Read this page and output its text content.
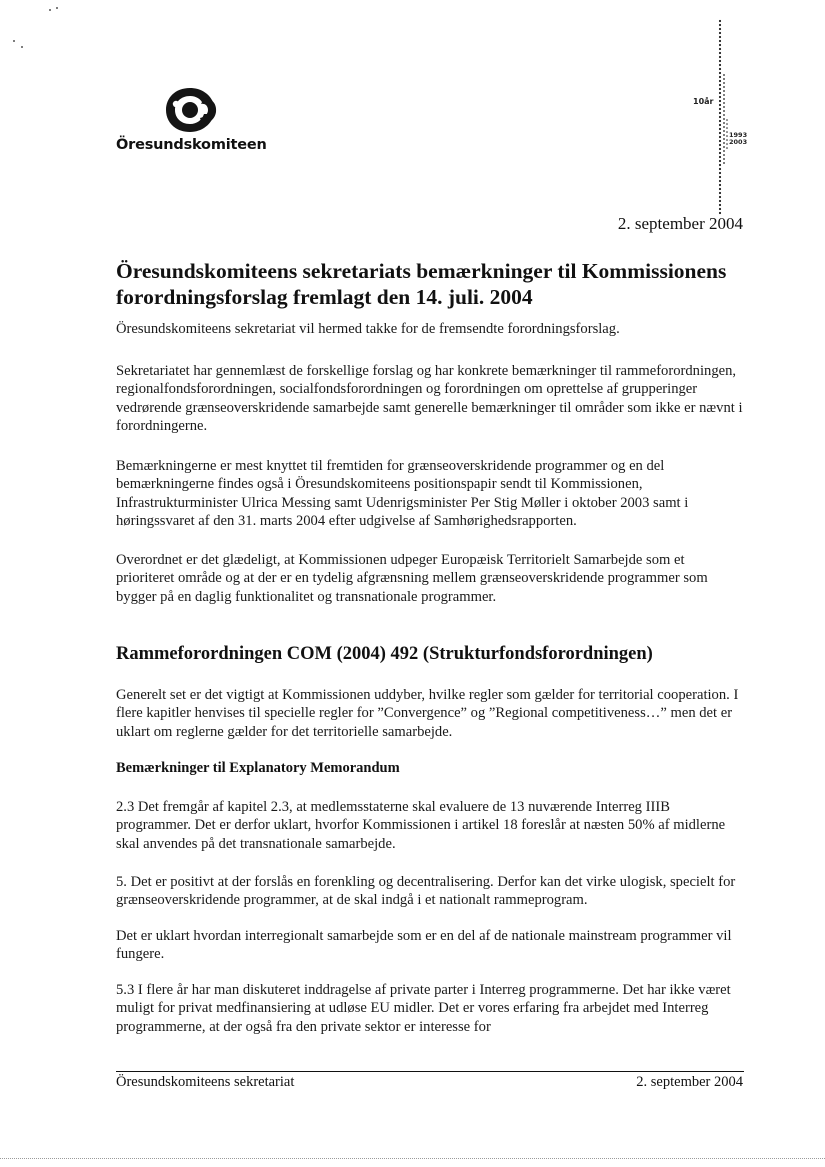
Öresundskomiteen
10år
1993
2003
2. september 2004
Öresundskomiteens sekretariats bemærkninger til Kommissionens forordningsforslag fremlagt den 14. juli. 2004

Öresundskomiteens sekretariat vil hermed takke for de fremsendte forordningsforslag.

Sekretariatet har gennemlæst de forskellige forslag og har konkrete bemærkninger til rammeforordningen, regionalfondsforordningen, socialfondsforordningen og forordningen om oprettelse af grupperinger vedrørende grænseoverskridende samarbejde samt generelle bemærkninger til områder som ikke er nævnt i forordningerne.

Bemærkningerne er mest knyttet til fremtiden for grænseoverskridende programmer og en del bemærkningerne findes også i Öresundskomiteens positionspapir sendt til Kommissionen, Infrastrukturminister Ulrica Messing samt Udenrigsminister Per Stig Møller i oktober 2003 samt i høringssvaret af den 31. marts 2004 efter udgivelse af Samhørighedsrapporten.

Overordnet er det glædeligt, at Kommissionen udpeger Europæisk Territorielt Samarbejde som et prioriteret område og at der er en tydelig afgrænsning mellem grænseoverskridende programmer som bygger på en daglig funktionalitet og transnationale programmer.

Rammeforordningen COM (2004) 492 (Strukturfondsforordningen)

Generelt set er det vigtigt at Kommissionen uddyber, hvilke regler som gælder for territorial cooperation. I flere kapitler henvises til specielle regler for ”Convergence” og ”Regional competitiveness…” men det er uklart om reglerne gælder for det territorielle samarbejde.

Bemærkninger til Explanatory Memorandum

2.3 Det fremgår af kapitel 2.3, at medlemsstaterne skal evaluere de 13 nuværende Interreg IIIB programmer. Det er derfor uklart, hvorfor Kommissionen i artikel 18 foreslår at næsten 50% af midlerne skal anvendes på det transnationale samarbejde.

5. Det er positivt at der forslås en forenkling og decentralisering. Derfor kan det virke ulogisk, specielt for grænseoverskridende programmer, at de skal indgå i et nationalt rammeprogram.

Det er uklart hvordan interregionalt samarbejde som er en del af de nationale mainstream programmer vil fungere.

5.3 I flere år har man diskuteret inddragelse af private parter i Interreg programmerne. Det har ikke været muligt for privat medfinansiering at udløse EU midler. Det er vores erfaring fra arbejdet med Interreg programmerne, at der også fra den private sektor er interesse for

Öresundskomiteens sekretariat	2. september 2004
